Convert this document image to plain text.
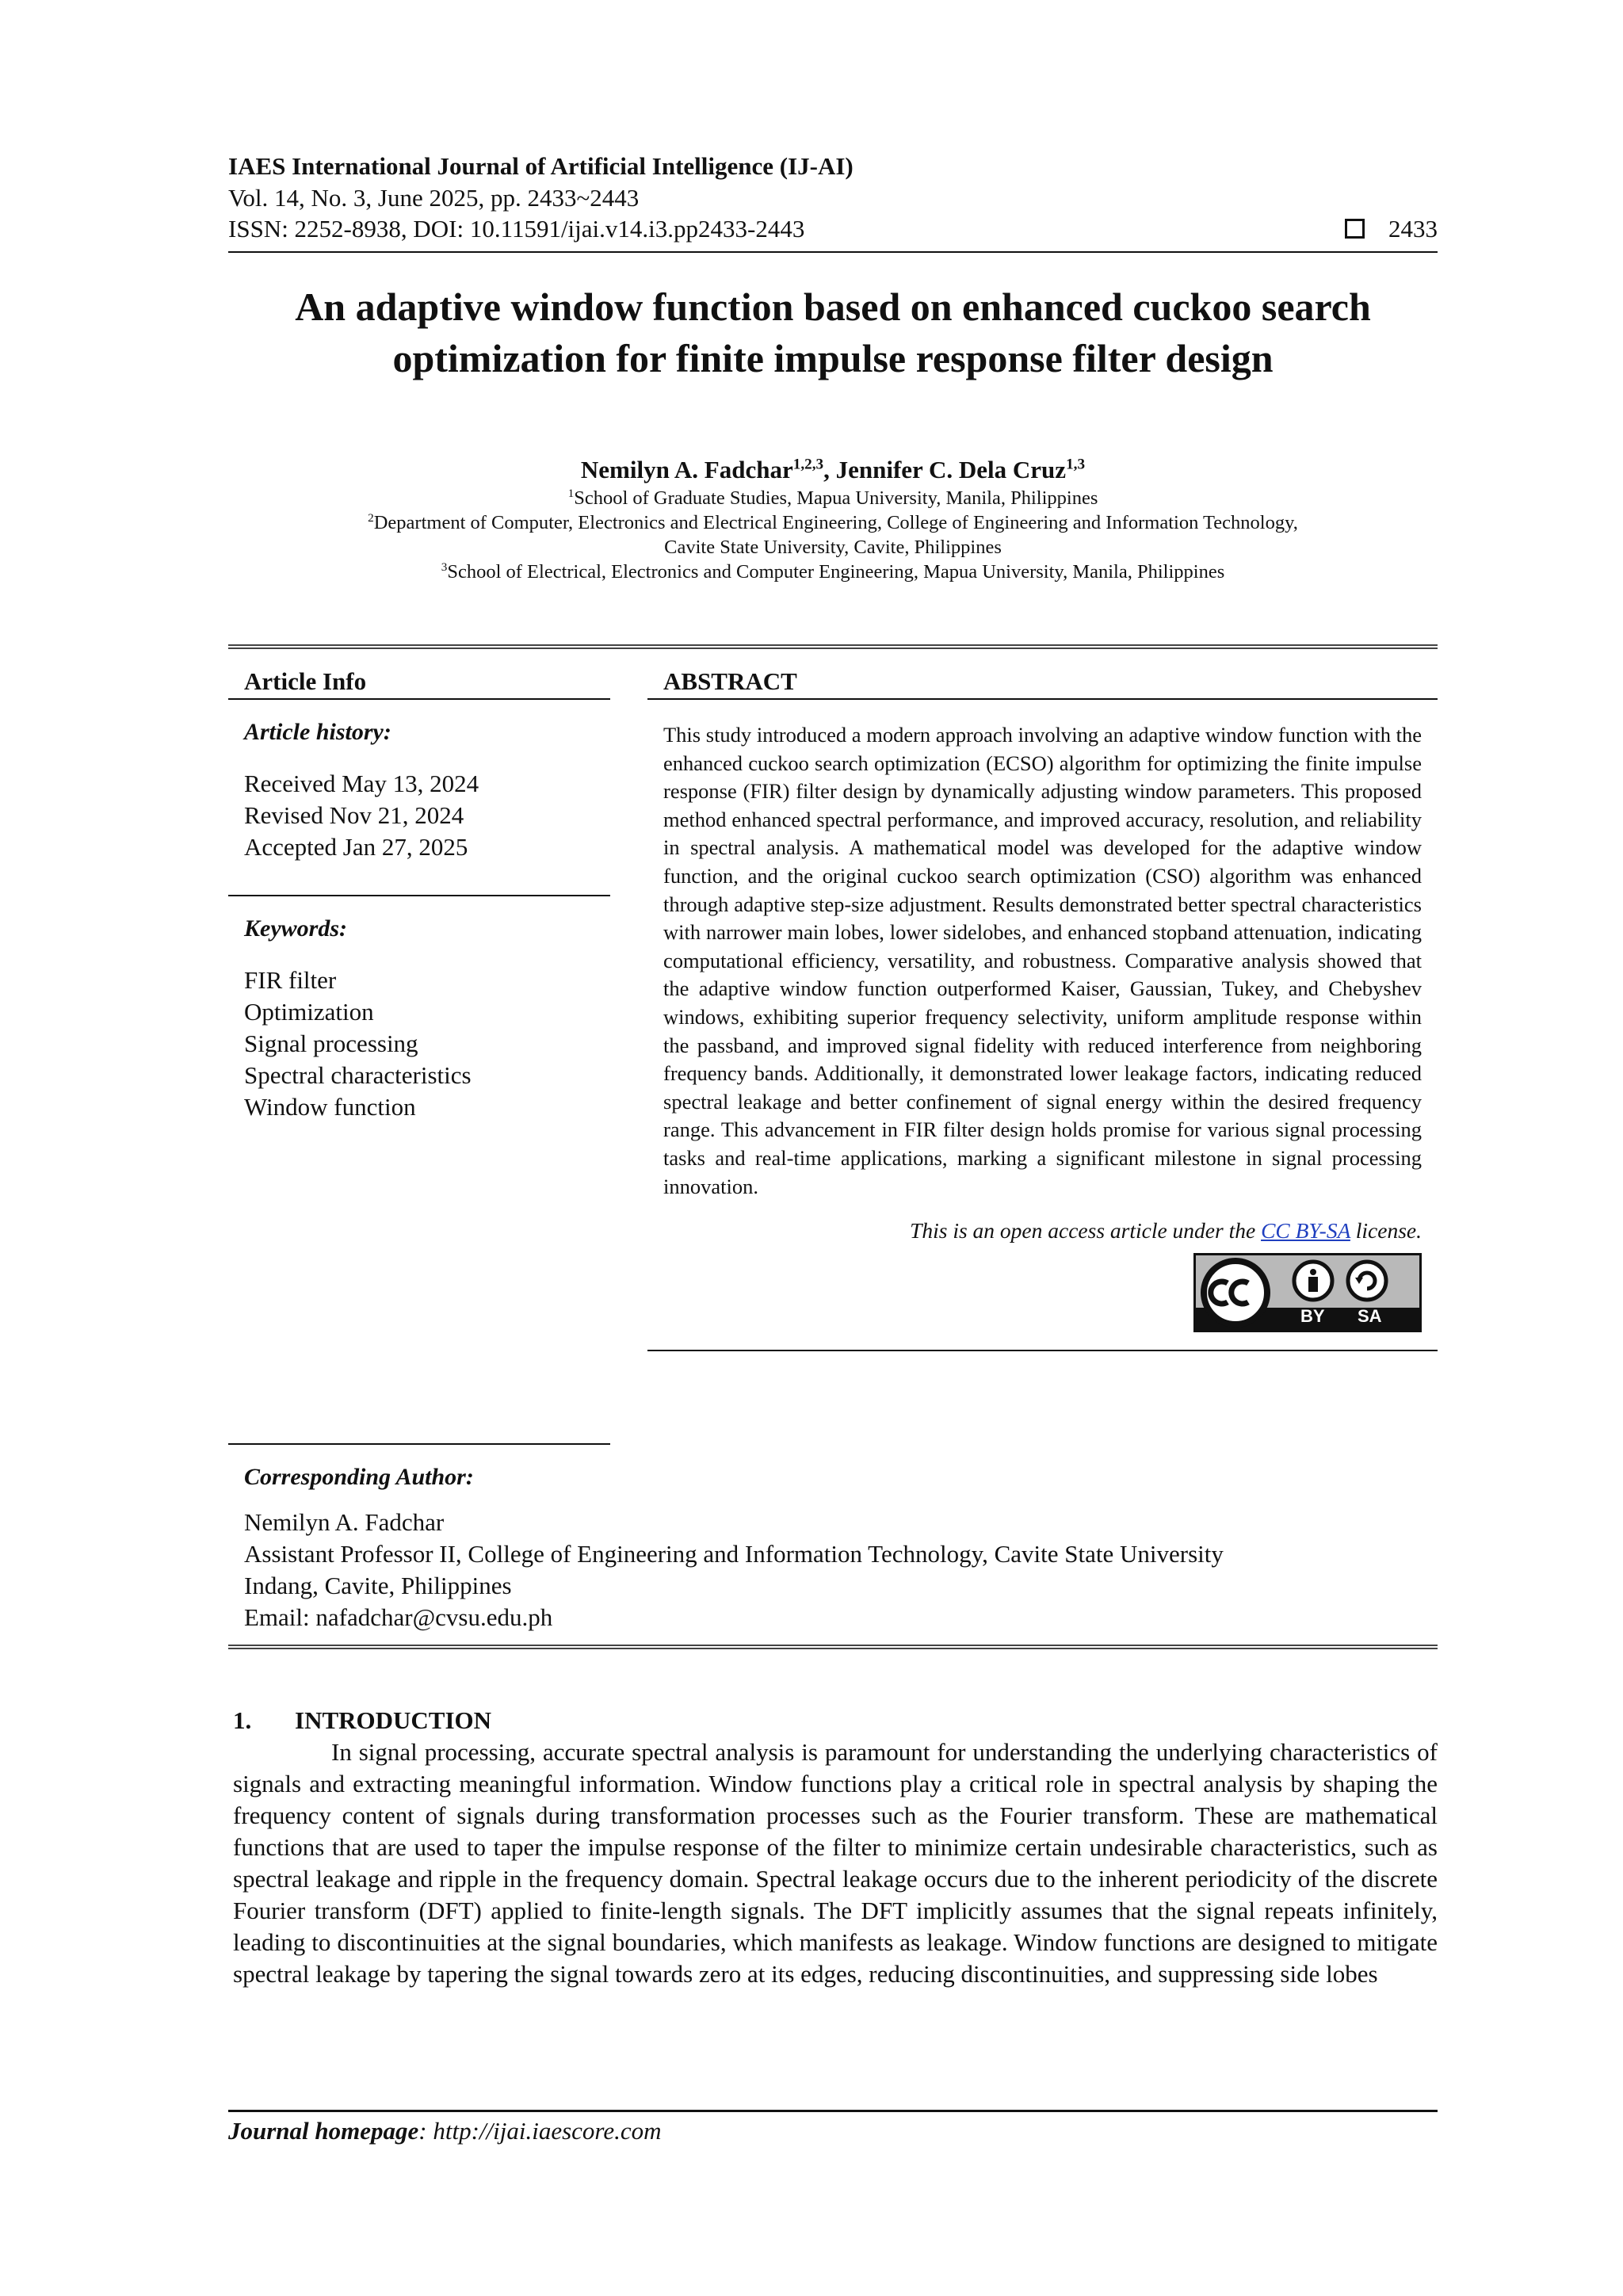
IAES International Journal of Artificial Intelligence (IJ-AI)
Vol. 14, No. 3, June 2025, pp. 2433~2443
ISSN: 2252-8938, DOI: 10.11591/ijai.v14.i3.pp2433-2443	2433
An adaptive window function based on enhanced cuckoo search optimization for finite impulse response filter design
Nemilyn A. Fadchar$^{1,2,3}$, Jennifer C. Dela Cruz$^{1,3}$
$^1$School of Graduate Studies, Mapua University, Manila, Philippines
$^2$Department of Computer, Electronics and Electrical Engineering, College of Engineering and Information Technology,
Cavite State University, Cavite, Philippines
$^3$School of Electrical, Electronics and Computer Engineering, Mapua University, Manila, Philippines
Article Info
Article history:
Received May 13, 2024
Revised Nov 21, 2024
Accepted Jan 27, 2025
Keywords:
FIR filter
Optimization
Signal processing
Spectral characteristics
Window function
ABSTRACT

This study introduced a modern approach involving an adaptive window function with the enhanced cuckoo search optimization (ECSO) algorithm for optimizing the finite impulse response (FIR) filter design by dynamically adjusting window parameters. This proposed method enhanced spectral performance, and improved accuracy, resolution, and reliability in spectral analysis. A mathematical model was developed for the adaptive window function, and the original cuckoo search optimization (CSO) algorithm was enhanced through adaptive step-size adjustment. Results demonstrated better spectral characteristics with narrower main lobes, lower sidelobes, and enhanced stopband attenuation, indicating computational efficiency, versatility, and robustness. Comparative analysis showed that the adaptive window function outperformed Kaiser, Gaussian, Tukey, and Chebyshev windows, exhibiting superior frequency selectivity, uniform amplitude response within the passband, and improved signal fidelity with reduced interference from neighboring frequency bands. Additionally, it demonstrated lower leakage factors, indicating reduced spectral leakage and better confinement of signal energy within the desired frequency range. This advancement in FIR filter design holds promise for various signal processing tasks and real-time applications, marking a significant milestone in signal processing innovation.

This is an open access article under the CC BY-SA license.
BY SA
Corresponding Author:
Nemilyn A. Fadchar
Assistant Professor II, College of Engineering and Information Technology, Cavite State University
Indang, Cavite, Philippines
Email: nafadchar@cvsu.edu.ph
1. INTRODUCTION

In signal processing, accurate spectral analysis is paramount for understanding the underlying characteristics of signals and extracting meaningful information. Window functions play a critical role in spectral analysis by shaping the frequency content of signals during transformation processes such as the Fourier transform. These are mathematical functions that are used to taper the impulse response of the filter to minimize certain undesirable characteristics, such as spectral leakage and ripple in the frequency domain. Spectral leakage occurs due to the inherent periodicity of the discrete Fourier transform (DFT) applied to finite-length signals. The DFT implicitly assumes that the signal repeats infinitely, leading to discontinuities at the signal boundaries, which manifests as leakage. Window functions are designed to mitigate spectral leakage by tapering the signal towards zero at its edges, reducing discontinuities, and suppressing side lobes

Journal homepage: http://ijai.iaescore.com
